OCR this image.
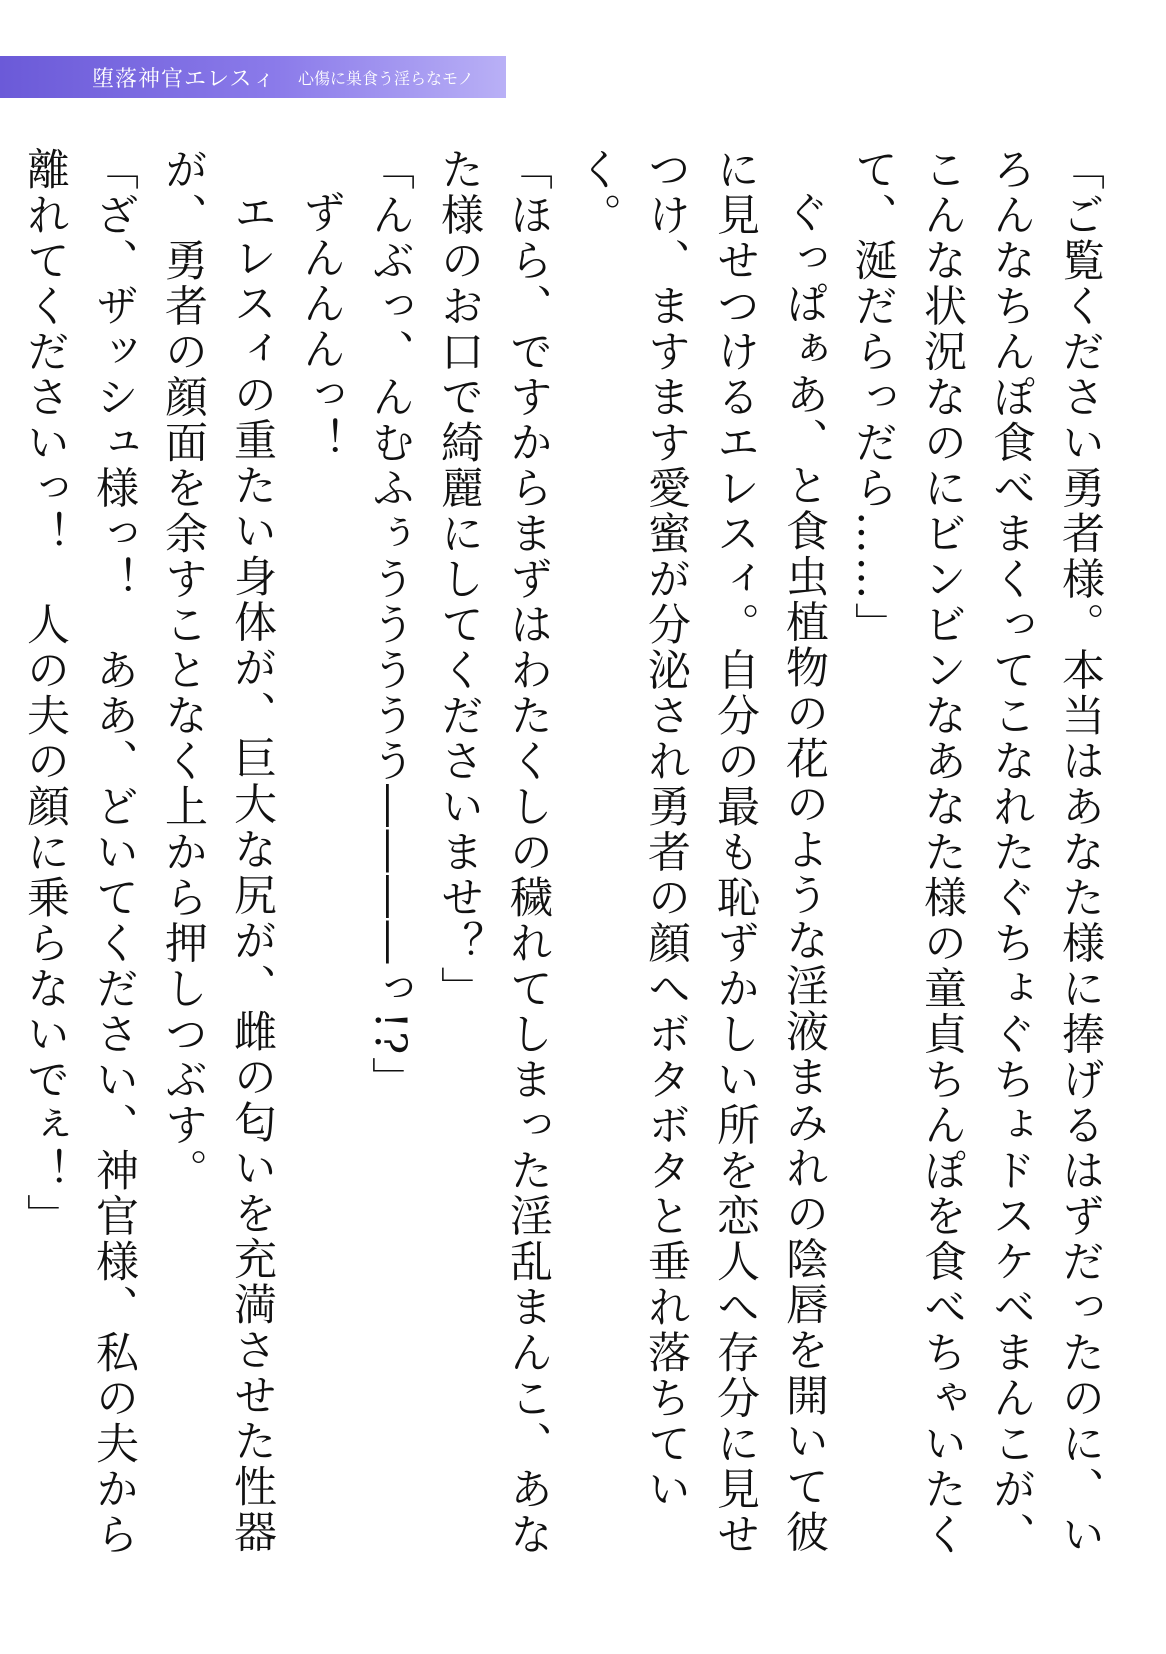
堕落神官エレスィ 心傷に巣食う淫らなモノ

「ご覧ください勇者様。本当はあなた様に捧げるはずだったのに、いろんなちんぽ食べまくってこなれたぐちょぐちょドスケベまんこが、こんな状況なのにビンビンなあなた様の童貞ちんぽを食べちゃいたくて、涎だらっだら……」

ぐっぱぁあ、と食虫植物の花のような淫液まみれの陰唇を開いて彼に見せつけるエレスィ。自分の最も恥ずかしい所を恋人へ存分に見せつけ、ますます愛蜜が分泌され勇者の顔へボタボタと垂れ落ちていく。

「ほら、ですからまずはわたくしの穢れてしまった淫乱まんこ、あなた様のお口で綺麗にしてくださいませ？」

「んぶっ、んむふぅううううう――――っ!?」

ずんんんっ！

エレスィの重たい身体が、巨大な尻が、雌の匂いを充満させた性器が、勇者の顔面を余すことなく上から押しつぶす。

「ざ、ザッシュ様っ！　ああ、どいてください、神官様、私の夫から離れてくださいっ！　人の夫の顔に乗らないでぇ！」
